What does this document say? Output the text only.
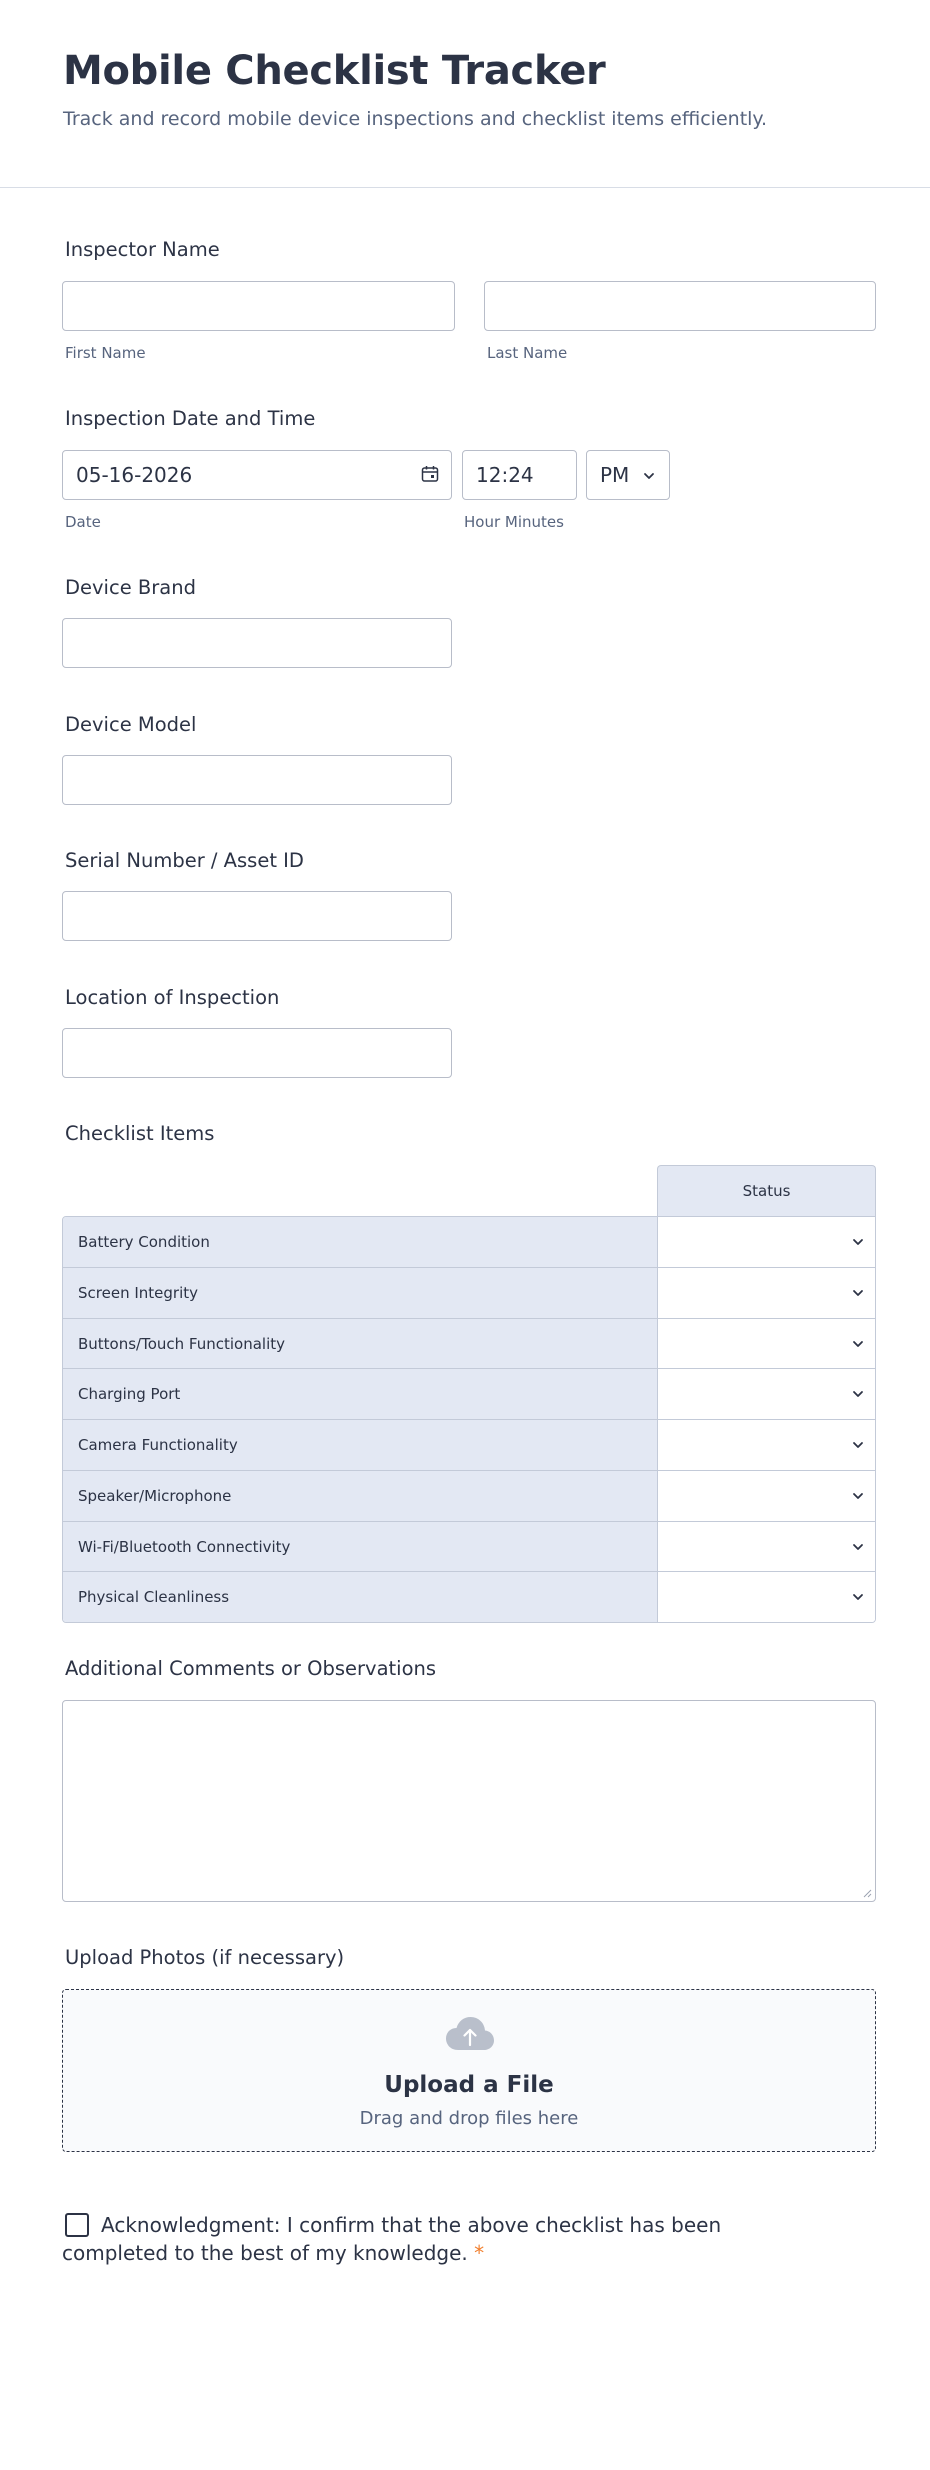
Mobile Checklist Tracker

Track and record mobile device inspections and checklist items efficiently.

Inspector Name
First Name	Last Name
Inspection Date and Time
05-16-2026	12:24	PM
Date	Hour Minutes
Device Brand
Device Model
Serial Number / Asset ID
Location of Inspection
Checklist Items
Status
Battery Condition
Screen Integrity
Buttons/Touch Functionality
Charging Port
Camera Functionality
Speaker/Microphone
Wi-Fi/Bluetooth Connectivity
Physical Cleanliness
Additional Comments or Observations
Upload Photos (if necessary)
Upload a File
Drag and drop files here
Acknowledgment: I confirm that the above checklist has been completed to the best of my knowledge. *
